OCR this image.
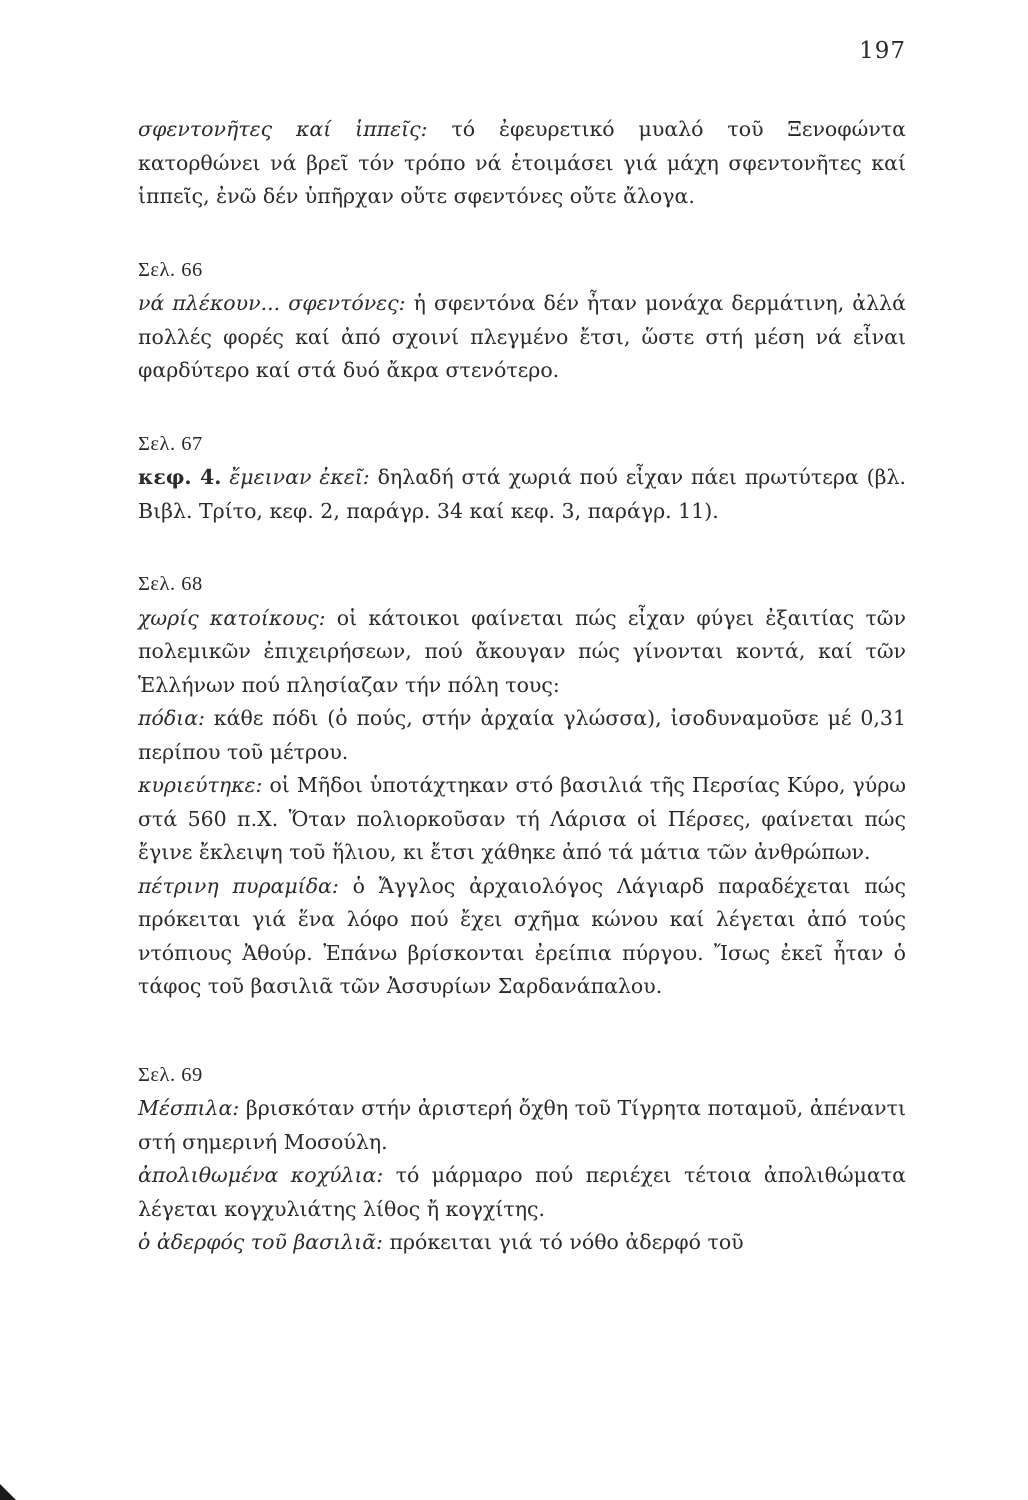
197

σφεντονῆτες καί ἱππεῖς: τό ἐφευρετικό μυαλό τοῦ Ξενοφώντα κατορθώνει νά βρεῖ τόν τρόπο νά ἑτοιμάσει γιά μάχη σφεντονῆτες καί ἱππεῖς, ἐνῶ δέν ὑπῆρχαν οὔτε σφεντόνες οὔτε ἄλογα.

Σελ. 66

νά πλέκουν... σφεντόνες: ἡ σφεντόνα δέν ἦταν μονάχα δερμάτινη, ἀλλά πολλές φορές καί ἀπό σχοινί πλεγμένο ἔτσι, ὥστε στή μέση νά εἶναι φαρδύτερο καί στά δυό ἄκρα στενότερο.

Σελ. 67

κεφ. 4. ἔμειναν ἐκεῖ: δηλαδή στά χωριά πού εἶχαν πάει πρωτύτερα (βλ. Βιβλ. Τρίτο, κεφ. 2, παράγρ. 34 καί κεφ. 3, παράγρ. 11).

Σελ. 68

χωρίς κατοίκους: οἱ κάτοικοι φαίνεται πώς εἶχαν φύγει ἐξαιτίας τῶν πολεμικῶν ἐπιχειρήσεων, πού ἄκουγαν πώς γίνονται κοντά, καί τῶν Ἑλλήνων πού πλησίαζαν τήν πόλη τους:

πόδια: κάθε πόδι (ὁ πούς, στήν ἀρχαία γλώσσα), ἰσοδυναμοῦσε μέ 0,31 περίπου τοῦ μέτρου.

κυριεύτηκε: οἱ Μῆδοι ὑποτάχτηκαν στό βασιλιά τῆς Περσίας Κύρο, γύρω στά 560 π.Χ. Ὅταν πολιορκοῦσαν τή Λάρισα οἱ Πέρσες, φαίνεται πώς ἔγινε ἔκλειψη τοῦ ἥλιου, κι ἔτσι χάθηκε ἀπό τά μάτια τῶν ἀνθρώπων.

πέτρινη πυραμίδα: ὁ Ἄγγλος ἀρχαιολόγος Λάγιαρδ παραδέχεται πώς πρόκειται γιά ἕνα λόφο πού ἔχει σχῆμα κώνου καί λέγεται ἀπό τούς ντόπιους Ἀθούρ. Ἐπάνω βρίσκονται ἐρείπια πύργου. Ἴσως ἐκεῖ ἦταν ὁ τάφος τοῦ βασιλιᾶ τῶν Ἀσσυρίων Σαρδανάπαλου.

Σελ. 69

Μέσπιλα: βρισκόταν στήν ἀριστερή ὄχθη τοῦ Τίγρητα ποταμοῦ, ἀπέναντι στή σημερινή Μοσούλη.

ἀπολιθωμένα κοχύλια: τό μάρμαρο πού περιέχει τέτοια ἀπολιθώματα λέγεται κογχυλιάτης λίθος ἤ κογχίτης.

ὁ ἀδερφός τοῦ βασιλιᾶ: πρόκειται γιά τό νόθο ἀδερφό τοῦ
